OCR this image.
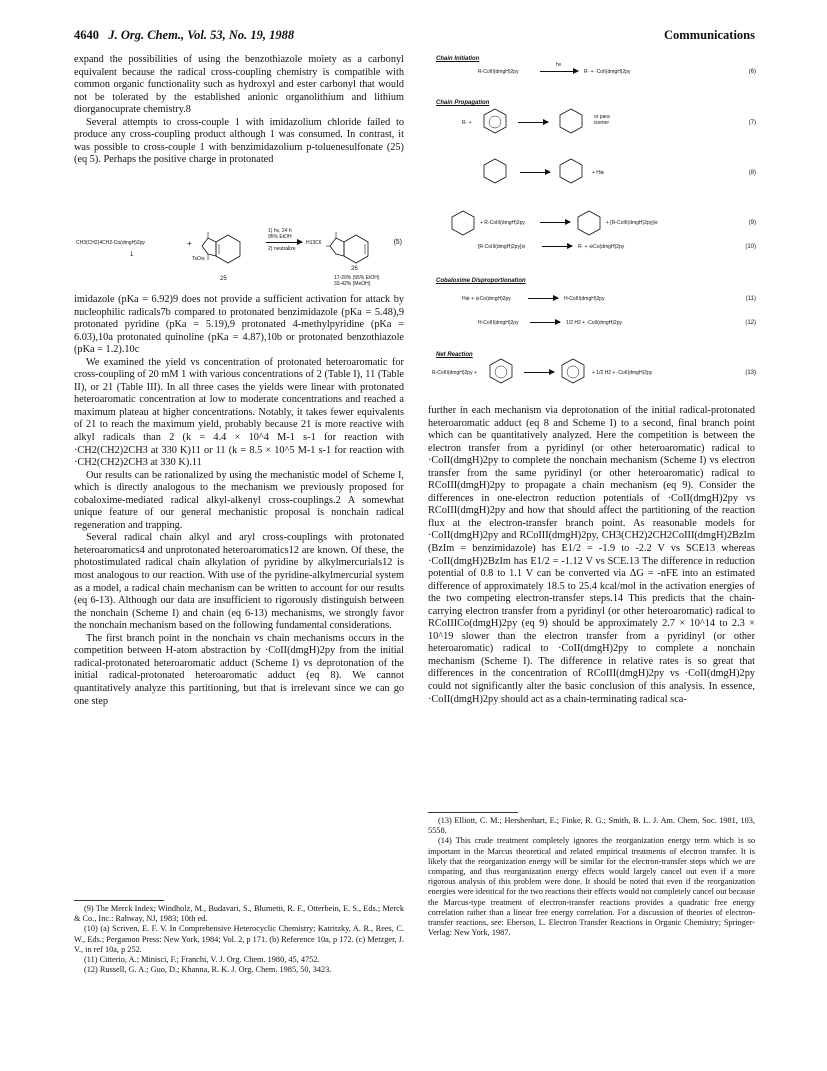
4640 J. Org. Chem., Vol. 53, No. 19, 1988	Communications

expand the possibilities of using the benzothiazole moiety as a carbonyl equivalent because the radical cross-coupling chemistry is compatible with common organic functionality such as hydroxyl and ester carbonyl that would not be tolerated by the established anionic organolithium and lithium diorganocuprate chemistry.8

Several attempts to cross-couple 1 with imidazolium chloride failed to produce any cross-coupling product although 1 was consumed. In contrast, it was possible to cross-couple 1 with benzimidazolium p-toluenesulfonate (25) (eq 5). Perhaps the positive charge in protonated

CH3(CH2)4CH2-Co(dmgH)2py	+
1
TsO⊖
25
1) hν, 24 h
95% EtOH
2) neutralize
H13C6	(5)
26
17-20% (95% EtOH)
33-42% (MeOH)

imidazole (pKa = 6.92)9 does not provide a sufficient activation for attack by nucleophilic radicals7b compared to protonated benzimidazole (pKa = 5.48),9 protonated pyridine (pKa = 5.19),9 protonated 4-methylpyridine (pKa = 6.03),10a protonated quinoline (pKa = 4.87),10b or protonated benzothiazole (pKa = 1.2).10c

We examined the yield vs concentration of protonated heteroaromatic for cross-coupling of 20 mM 1 with various concentrations of 2 (Table I), 11 (Table II), or 21 (Table III). In all three cases the yields were linear with protonated heteroaromatic concentration at low to moderate concentrations and reached a maximum plateau at higher concentrations. Notably, it takes fewer equivalents of 21 to reach the maximum yield, probably because 21 is more reactive with alkyl radicals than 2 (k = 4.4 × 10^4 M-1 s-1 for reaction with ·CH2(CH2)2CH3 at 330 K)11 or 11 (k = 8.5 × 10^5 M-1 s-1 for reaction with ·CH2(CH2)2CH3 at 330 K).11

Our results can be rationalized by using the mechanistic model of Scheme I, which is directly analogous to the mechanism we previously proposed for cobaloxime-mediated radical alkyl-alkenyl cross-couplings.2 A somewhat unique feature of our general mechanistic proposal is nonchain radical regeneration and trapping.

Several radical chain alkyl and aryl cross-couplings with protonated heteroaromatics4 and unprotonated heteroaromatics12 are known. Of these, the photostimulated radical chain alkylation of pyridine by alkylmercurials12 is most analogous to our reaction. With use of the pyridine-alkylmercurial system as a model, a radical chain mechanism can be written to account for our results (eq 6-13). Although our data are insufficient to rigorously distinguish between the nonchain (Scheme I) and chain (eq 6-13) mechanisms, we strongly favor the nonchain mechanism based on the following fundamental considerations.

The first branch point in the nonchain vs chain mechanisms occurs in the competition between H-atom abstraction by ·CoII(dmgH)2py from the initial radical-protonated heteroaromatic adduct (Scheme I) vs deprotonation of the initial radical-protonated heteroaromatic adduct (eq 8). We cannot quantitatively analyze this partitioning, but that is irrelevant since we can go one step

(9) The Merck Index; Windholz, M., Budavari, S., Blumetti, R. F., Otterbein, E. S., Eds.; Merck & Co., Inc.: Rahway, NJ, 1983; 10th ed.

(10) (a) Scriven, E. F. V. In Comprehensive Heterocyclic Chemistry; Katritzky, A. R., Rees, C. W., Eds.; Pergamon Press: New York, 1984; Vol. 2, p 171. (b) Reference 10a, p 172. (c) Metzger, J. V., in ref 10a, p 252.

(11) Citterio, A.; Minisci, F.; Franchi, V. J. Org. Chem. 1980, 45, 4752.

(12) Russell, G. A.; Guo, D.; Khanna, R. K. J. Org. Chem. 1985, 50, 3423.

Chain Initiation
R-CoIII(dmgH)2py
hν
R· + ·CoII(dmgH)2py	(6)
Chain Propagation
R· +
or para isomer	(7)
+ H⊕	(8)
+ R-CoIII(dmgH)2py	+ [R-CoIII(dmgH)2py]⊖	(9)
[R-CoIII(dmgH)2py]⊖	R· + ⊖Co(dmgH)2py	(10)
Cobaloxime Disproportionation
H⊕ + ⊖Co(dmgH)2py	H-CoIII(dmgH)2py	(11)
H-CoIII(dmgH)2py	1/2 H2 + ·CoII(dmgH)2py	(12)
Net Reaction
R-CoIII(dmgH)2py +	+ 1/2 H2 + ·CoII(dmgH)2py	(13)

further in each mechanism via deprotonation of the initial radical-protonated heteroaromatic adduct (eq 8 and Scheme I) to a second, final branch point which can be quantitatively analyzed. Here the competition is between the electron transfer from a pyridinyl (or other heteroaromatic) radical to ·CoII(dmgH)2py to complete the nonchain mechanism (Scheme I) vs electron transfer from the same pyridinyl (or other heteroaromatic) radical to RCoIII(dmgH)2py to propagate a chain mechanism (eq 9). Consider the differences in one-electron reduction potentials of ·CoII(dmgH)2py vs RCoIII(dmgH)2py and how that should affect the partitioning of the reaction flux at the electron-transfer branch point. As reasonable models for ·CoII(dmgH)2py and RCoIII(dmgH)2py, CH3(CH2)2CH2CoIII(dmgH)2BzIm (BzIm = benzimidazole) has E1/2 = -1.9 to -2.2 V vs SCE13 whereas ·CoII(dmgH)2BzIm has E1/2 = -1.12 V vs SCE.13 The difference in reduction potential of 0.8 to 1.1 V can be converted via ΔG = -nFE into an estimated difference of approximately 18.5 to 25.4 kcal/mol in the activation energies of the two competing electron-transfer steps.14 This predicts that the chain-carrying electron transfer from a pyridinyl (or other heteroaromatic) radical to RCoIIICo(dmgH)2py (eq 9) should be approximately 2.7 × 10^14 to 2.3 × 10^19 slower than the electron transfer from a pyridinyl (or other heteroaromatic) radical to ·CoII(dmgH)2py to complete a nonchain mechanism (Scheme I). The difference in relative rates is so great that differences in the concentration of RCoIII(dmgH)2py vs ·CoII(dmgH)2py could not significantly alter the basic conclusion of this analysis. In essence, ·CoII(dmgH)2py should act as a chain-terminating radical sca-

(13) Elliott, C. M.; Hershenhart, E.; Finke, R. G.; Smith, B. L. J. Am. Chem. Soc. 1981, 103, 5558.

(14) This crude treatment completely ignores the reorganization energy term which is so important in the Marcus theoretical and related empirical treatments of electron transfer. It is likely that the reorganization energy will be similar for the electron-transfer steps which we are comparing, and thus reorganization energy effects would largely cancel out even if a more rigorous analysis of this problem were done. It should be noted that even if the reorganization energies were identical for the two reactions their effects would not completely cancel out because the Marcus-type treatment of electron-transfer reactions provides a quadratic free energy correlation rather than a linear free energy correlation. For a discussion of theories of electron-transfer reactions, see: Eberson, L. Electron Transfer Reactions in Organic Chemistry; Springer-Verlag: New York, 1987.
